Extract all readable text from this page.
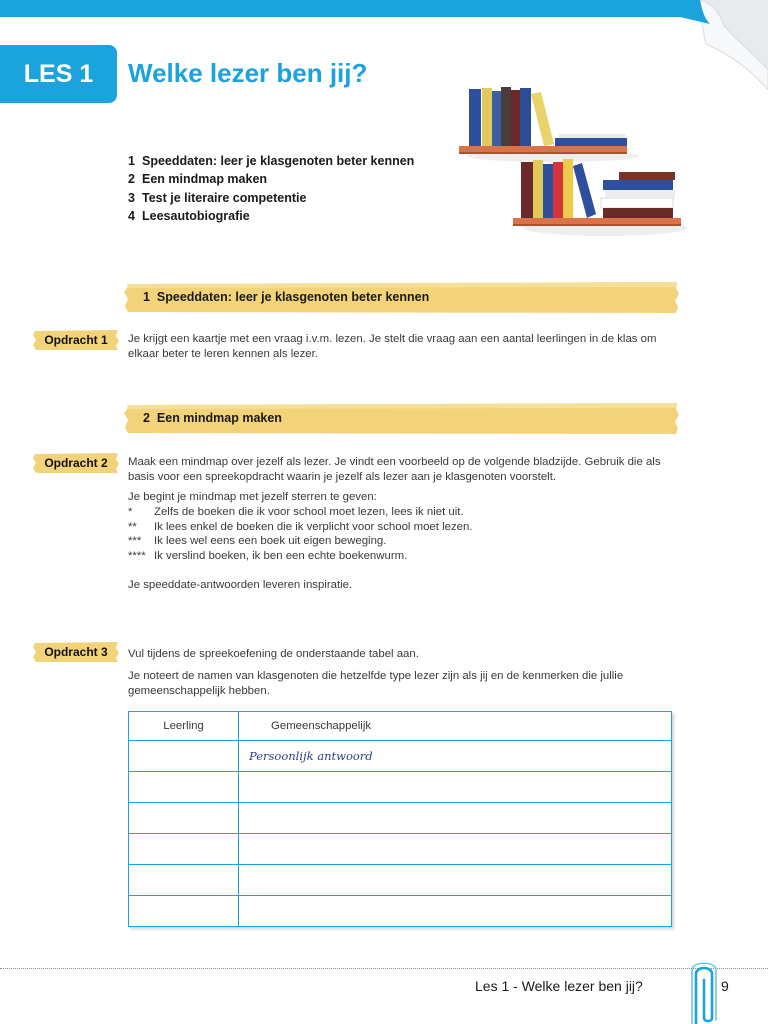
LES 1	Welke lezer ben jij?
1 Speeddaten: leer je klasgenoten beter kennen
2 Een mindmap maken
3 Test je literaire competentie
4 Leesautobiografie
1 Speeddaten: leer je klasgenoten beter kennen
Opdracht 1	Je krijgt een kaartje met een vraag i.v.m. lezen. Je stelt die vraag aan een aantal leerlingen in de klas om elkaar beter te leren kennen als lezer.

2 Een mindmap maken
Opdracht 2	Maak een mindmap over jezelf als lezer. Je vindt een voorbeeld op de volgende bladzijde. Gebruik die als basis voor een spreekopdracht waarin je jezelf als lezer aan je klasgenoten voorstelt.

Je begint je mindmap met jezelf sterren te geven:

* Zelfs de boeken die ik voor school moet lezen, lees ik niet uit.
** Ik lees enkel de boeken die ik verplicht voor school moet lezen.
*** Ik lees wel eens een boek uit eigen beweging.
**** Ik verslind boeken, ik ben een echte boekenwurm.

Je speeddate-antwoorden leveren inspiratie.

Opdracht 3	Vul tijdens de spreekoefening de onderstaande tabel aan.

Je noteert de namen van klasgenoten die hetzelfde type lezer zijn als jij en de kenmerken die jullie gemeenschappelijk hebben.

Leerling	Gemeenschappelijk
	Persoonlijk antwoord

Les 1 - Welke lezer ben jij?	9
